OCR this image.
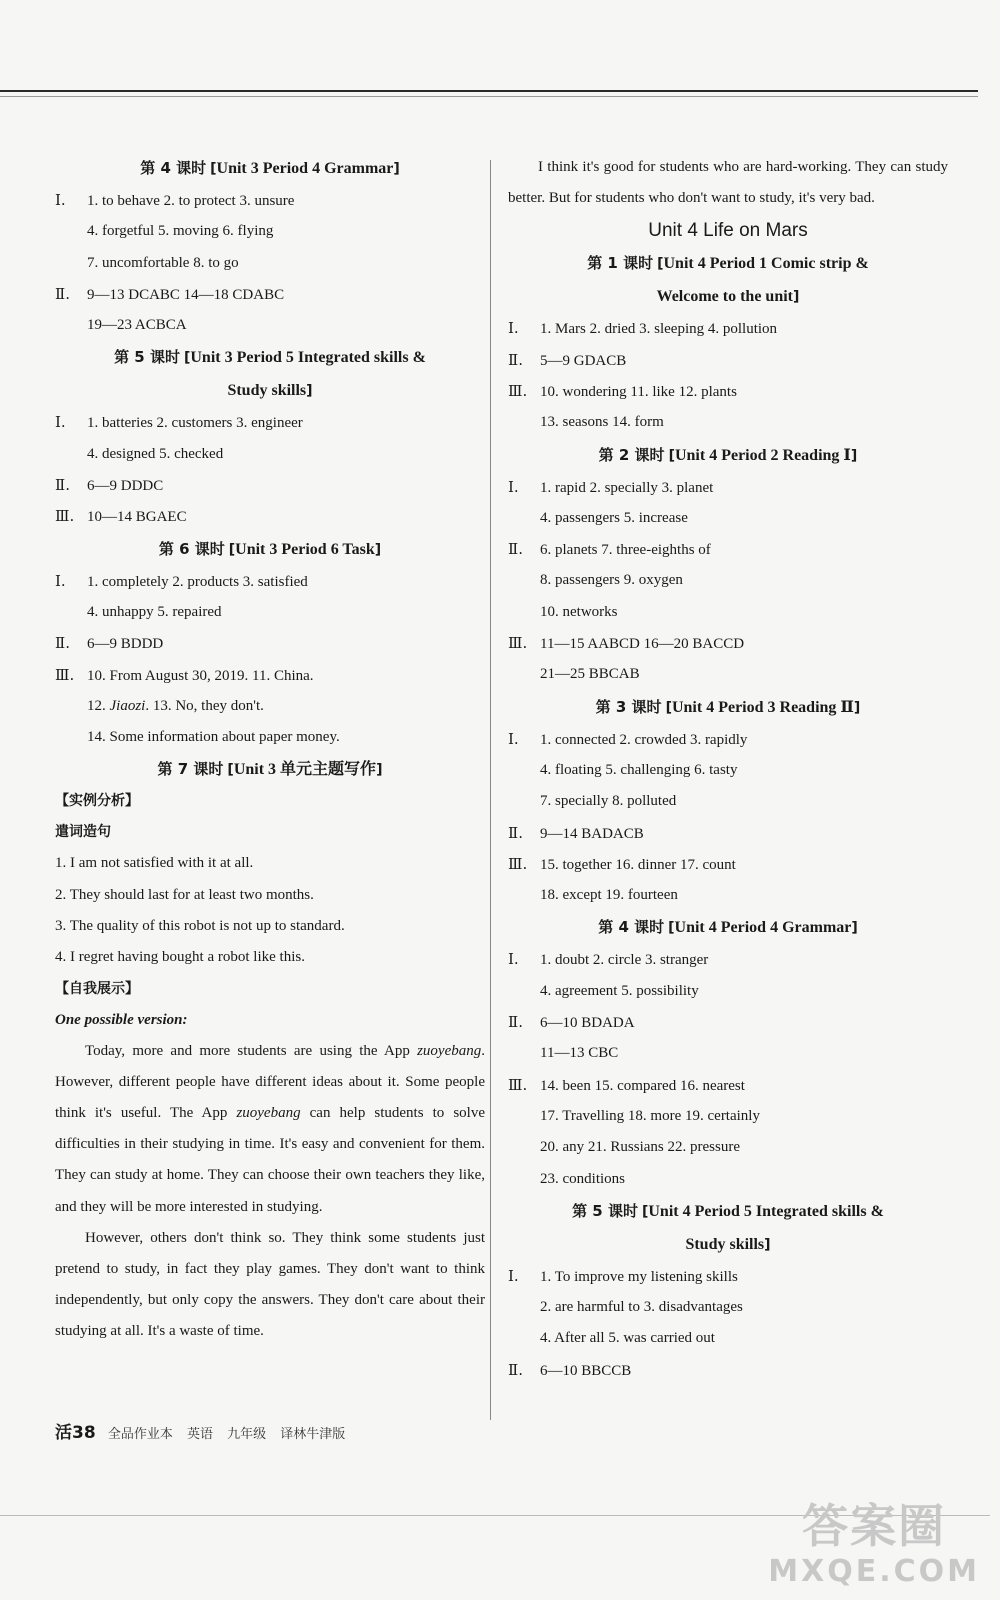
第 4 课时 [Unit 3 Period 4 Grammar]
Ⅰ. 1. to behave 2. to protect 3. unsure
4. forgetful 5. moving 6. flying
7. uncomfortable 8. to go
Ⅱ. 9—13 DCABC 14—18 CDABC
19—23 ACBCA
第 5 课时 [Unit 3 Period 5 Integrated skills &
Study skills]
Ⅰ. 1. batteries 2. customers 3. engineer
4. designed 5. checked
Ⅱ. 6—9 DDDC
Ⅲ. 10—14 BGAEC
第 6 课时 [Unit 3 Period 6 Task]
Ⅰ. 1. completely 2. products 3. satisfied
4. unhappy 5. repaired
Ⅱ. 6—9 BDDD
Ⅲ. 10. From August 30, 2019. 11. China.
12. Jiaozi. 13. No, they don't.
14. Some information about paper money.
第 7 课时 [Unit 3 单元主题写作]
【实例分析】
遣词造句
1. I am not satisfied with it at all.
2. They should last for at least two months.
3. The quality of this robot is not up to standard.
4. I regret having bought a robot like this.
【自我展示】
One possible version:
Today, more and more students are using the App zuoyebang. However, different people have different ideas about it. Some people think it's useful. The App zuoyebang can help students to solve difficulties in their studying in time. It's easy and convenient for them. They can study at home. They can choose their own teachers they like, and they will be more interested in studying.
However, others don't think so. They think some students just pretend to study, in fact they play games. They don't want to think independently, but only copy the answers. They don't care about their studying at all. It's a waste of time.
I think it's good for students who are hard-working. They can study better. But for students who don't want to study, it's very bad.
Unit 4 Life on Mars
第 1 课时 [Unit 4 Period 1 Comic strip &
Welcome to the unit]
Ⅰ. 1. Mars 2. dried 3. sleeping 4. pollution
Ⅱ. 5—9 GDACB
Ⅲ. 10. wondering 11. like 12. plants
13. seasons 14. form
第 2 课时 [Unit 4 Period 2 Reading Ⅰ]
Ⅰ. 1. rapid 2. specially 3. planet
4. passengers 5. increase
Ⅱ. 6. planets 7. three-eighths of
8. passengers 9. oxygen
10. networks
Ⅲ. 11—15 AABCD 16—20 BACCD
21—25 BBCAB
第 3 课时 [Unit 4 Period 3 Reading Ⅱ]
Ⅰ. 1. connected 2. crowded 3. rapidly
4. floating 5. challenging 6. tasty
7. specially 8. polluted
Ⅱ. 9—14 BADACB
Ⅲ. 15. together 16. dinner 17. count
18. except 19. fourteen
第 4 课时 [Unit 4 Period 4 Grammar]
Ⅰ. 1. doubt 2. circle 3. stranger
4. agreement 5. possibility
Ⅱ. 6—10 BDADA
11—13 CBC
Ⅲ. 14. been 15. compared 16. nearest
17. Travelling 18. more 19. certainly
20. any 21. Russians 22. pressure
23. conditions
第 5 课时 [Unit 4 Period 5 Integrated skills &
Study skills]
Ⅰ. 1. To improve my listening skills
2. are harmful to 3. disadvantages
4. After all 5. was carried out
Ⅱ. 6—10 BBCCB
活38 全品作业本 英语 九年级 译林牛津版
答案圈
MXQE.COM
